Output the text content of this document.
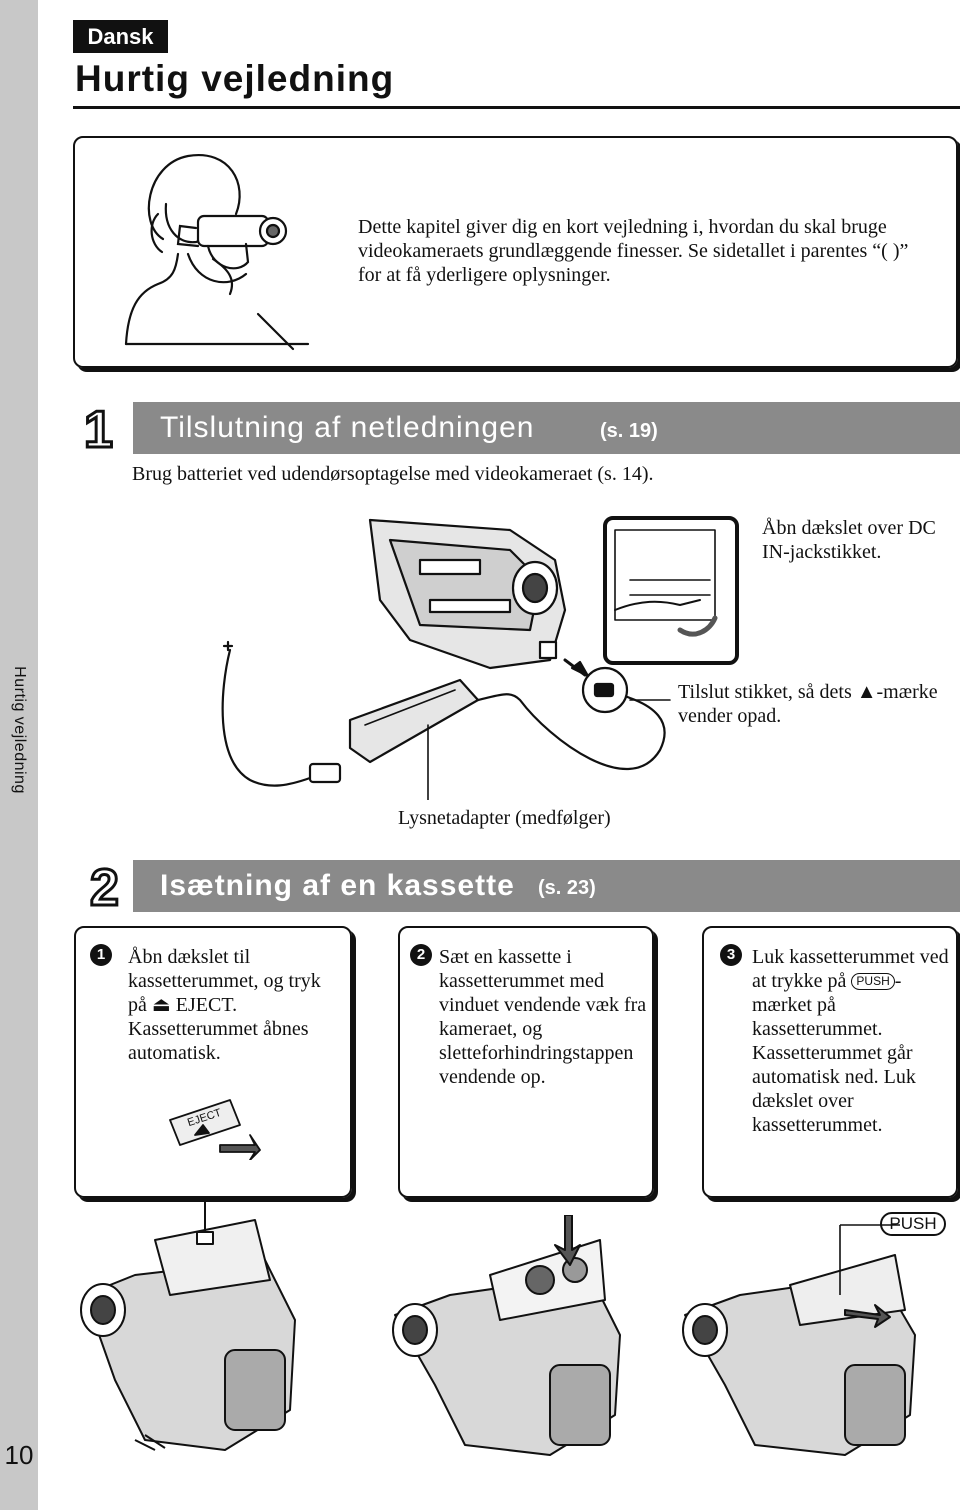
Hurtig vejledning
10
Dansk
Hurtig vejledning
Dette kapitel giver dig en kort vejledning i, hvordan du skal bruge videokameraets grundlæggende finesser. Se sidetallet i parentes “( )” for at få yderligere oplysninger.
1 Tilslutning af netledningen	(s. 19)
Brug batteriet ved udendørsoptagelse med videokameraet (s. 14).
Åbn dækslet over DC IN-jackstikket.
Tilslut stikket, så dets ▲-mærke vender opad.
Lysnetadapter (medfølger)
2 Isætning af en kassette (s. 23)
1	Åbn dækslet til kassetterummet, og tryk på ⏏ EJECT. Kassetterummet åbnes automatisk.
EJECT
2 Sæt en kassette i kassetterummet med vinduet vendende væk fra kameraet, og sletteforhindringstappen vendende op.
3 Luk kassetterummet ved at trykke på PUSH -mærket på kassetterummet. Kassetterummet går automatisk ned. Luk dækslet over kassetterummet.
PUSH
